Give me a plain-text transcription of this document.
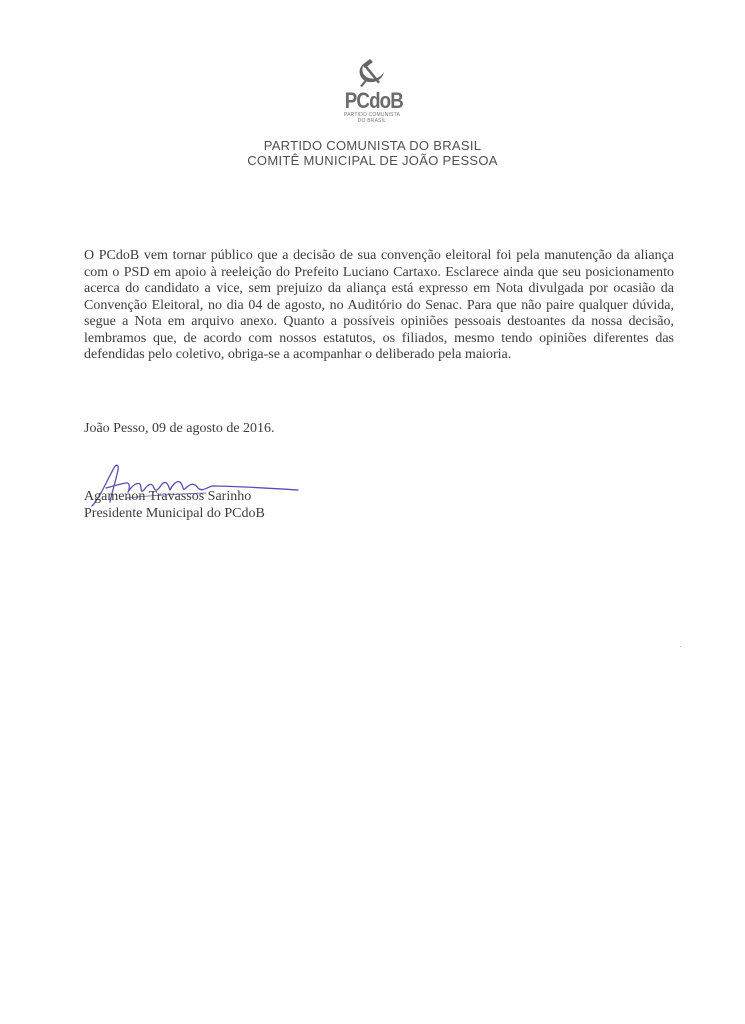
PCdoB
PARTIDO COMUNISTA
DO BRASIL
PARTIDO COMUNISTA DO BRASIL
COMITÊ MUNICIPAL DE JOÃO PESSOA

O PCdoB vem tornar público que a decisão de sua convenção eleitoral foi pela manutenção da aliança com o PSD em apoio à reeleição do Prefeito Luciano Cartaxo. Esclarece ainda que seu posicionamento acerca do candidato a vice, sem prejuizo da aliança está expresso em Nota divulgada por ocasião da Convenção Eleitoral, no dia 04 de agosto, no Auditório do Senac. Para que não paire qualquer dúvida, segue a Nota em arquivo anexo. Quanto a possíveis opiniões pessoais destoantes da nossa decisão, lembramos que, de acordo com nossos estatutos, os filiados, mesmo tendo opiniões diferentes das defendidas pelo coletivo, obriga-se a acompanhar o deliberado pela maioria.

João Pesso, 09 de agosto de 2016.
Agamenon Travassos Sarinho
Presidente Municipal do PCdoB
